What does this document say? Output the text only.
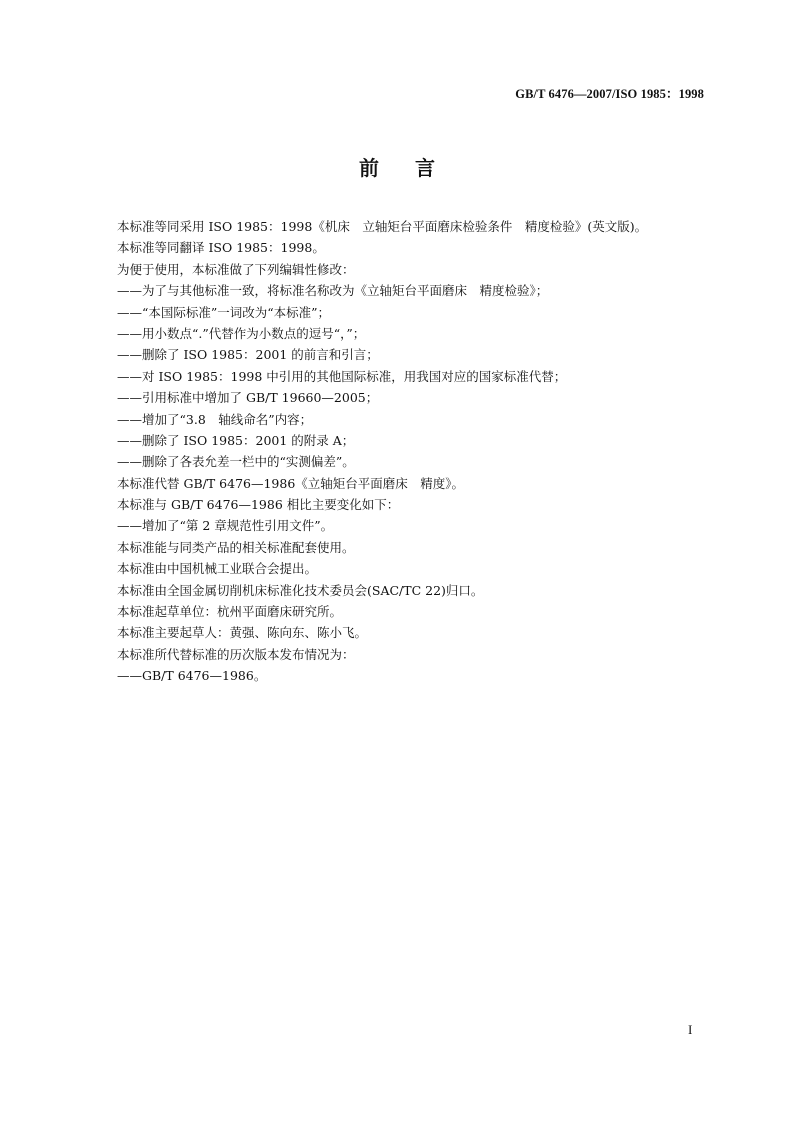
GB/T 6476—2007/ISO 1985：1998
前言
本标准等同采用 ISO 1985：1998《机床　立轴矩台平面磨床检验条件　精度检验》(英文版)。
本标准等同翻译 ISO 1985：1998。
为便于使用，本标准做了下列编辑性修改：
——为了与其他标准一致，将标准名称改为《立轴矩台平面磨床　精度检验》；
——“本国际标准”一词改为“本标准”；
——用小数点“.”代替作为小数点的逗号“，”；
——删除了 ISO 1985：2001 的前言和引言；
——对 ISO 1985：1998 中引用的其他国际标准，用我国对应的国家标准代替；
——引用标准中增加了 GB/T 19660—2005；
——增加了“3.8　轴线命名”内容；
——删除了 ISO 1985：2001 的附录 A；
——删除了各表允差一栏中的“实测偏差”。
本标准代替 GB/T 6476—1986《立轴矩台平面磨床　精度》。
本标准与 GB/T 6476—1986 相比主要变化如下：
——增加了“第 2 章规范性引用文件”。
本标准能与同类产品的相关标准配套使用。
本标准由中国机械工业联合会提出。
本标准由全国金属切削机床标准化技术委员会(SAC/TC 22)归口。
本标准起草单位：杭州平面磨床研究所。
本标准主要起草人：黄强、陈向东、陈小飞。
本标准所代替标准的历次版本发布情况为：
——GB/T 6476—1986。
I
